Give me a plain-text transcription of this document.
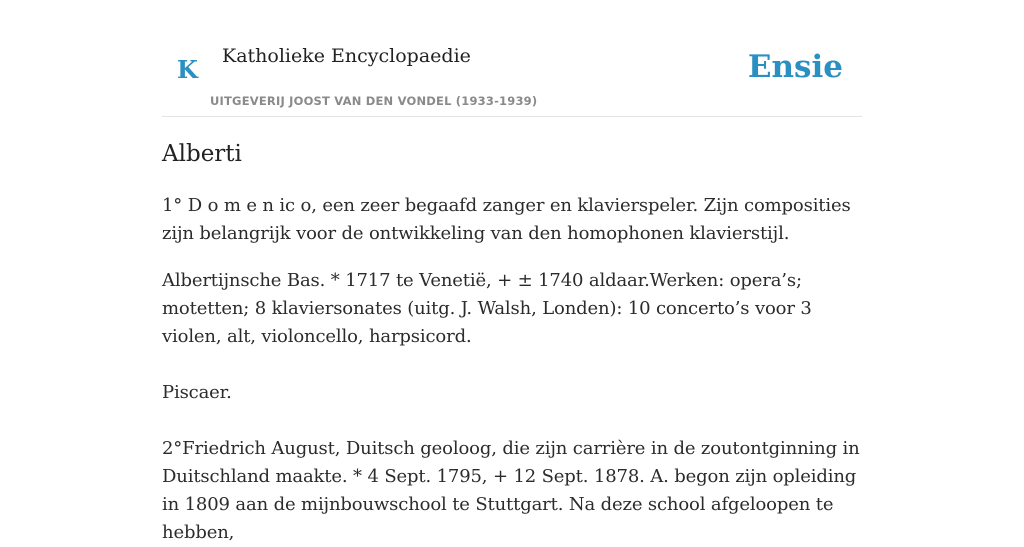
K Katholieke Encyclopaedie
UITGEVERIJ JOOST VAN DEN VONDEL (1933-1939)
Ensie
Alberti

1° D o m e n ic o, een zeer begaafd zanger en klavierspeler. Zijn composities zijn belangrijk voor de ontwikkeling van den homophonen klavierstijl.

Albertijnsche Bas. * 1717 te Venetië, + ± 1740 aldaar.Werken: opera’s; motetten; 8 klaviersonates (uitg. J. Walsh, Londen): 10 concerto’s voor 3 violen, alt, violoncello, harpsicord.

Piscaer.

2°Friedrich August, Duitsch geoloog, die zijn carrière in de zoutontginning in Duitschland maakte. * 4 Sept. 1795, + 12 Sept. 1878. A. begon zijn opleiding in 1809 aan de mijnbouwschool te Stuttgart. Na deze school afgeloopen te hebben,
